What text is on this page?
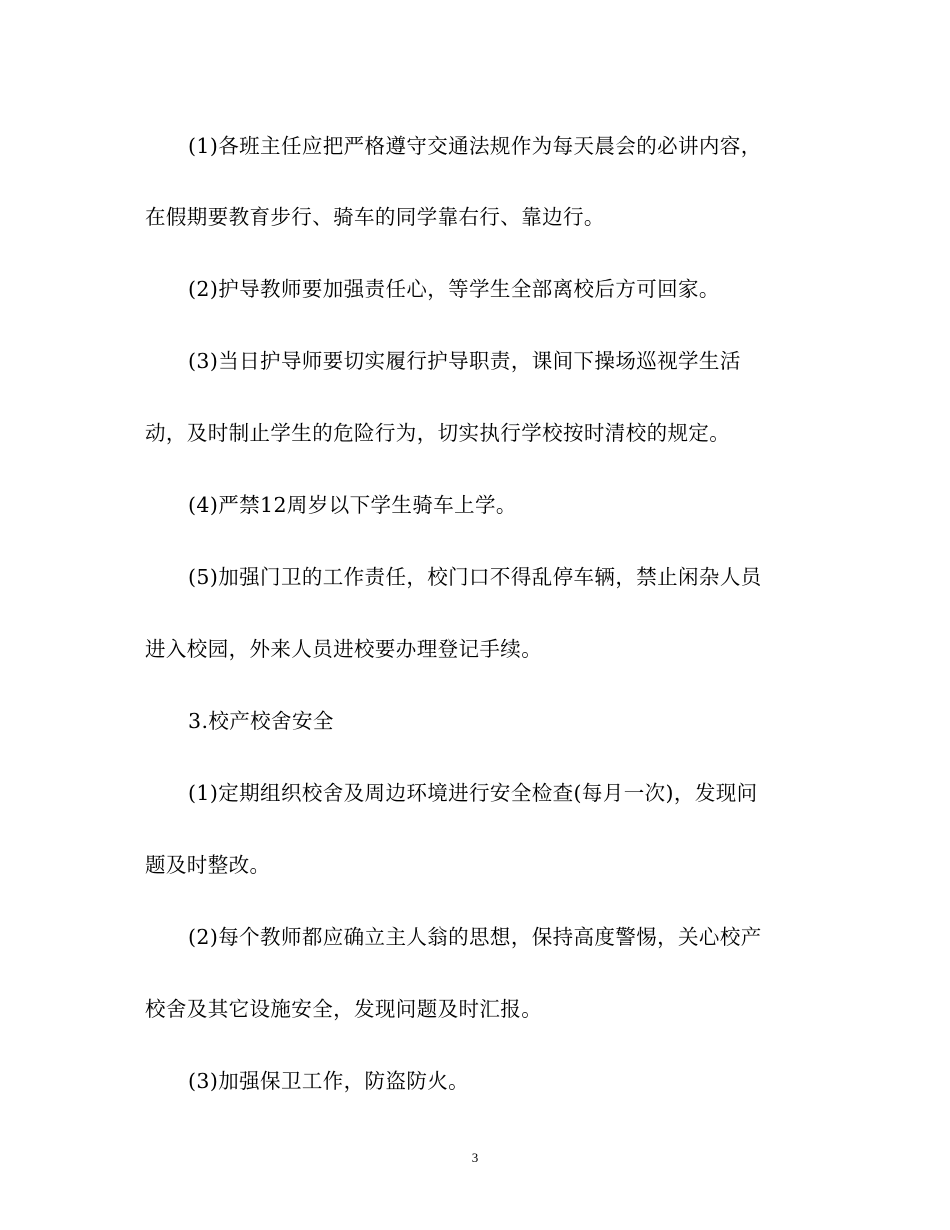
(1)各班主任应把严格遵守交通法规作为每天晨会的必讲内容，
在假期要教育步行、骑车的同学靠右行、靠边行。
(2)护导教师要加强责任心，等学生全部离校后方可回家。
(3)当日护导师要切实履行护导职责，课间下操场巡视学生活
动，及时制止学生的危险行为，切实执行学校按时清校的规定。
(4)严禁12周岁以下学生骑车上学。
(5)加强门卫的工作责任，校门口不得乱停车辆，禁止闲杂人员
进入校园，外来人员进校要办理登记手续。
3.校产校舍安全
(1)定期组织校舍及周边环境进行安全检查(每月一次)，发现问
题及时整改。
(2)每个教师都应确立主人翁的思想，保持高度警惕，关心校产
校舍及其它设施安全，发现问题及时汇报。
(3)加强保卫工作，防盗防火。
3
